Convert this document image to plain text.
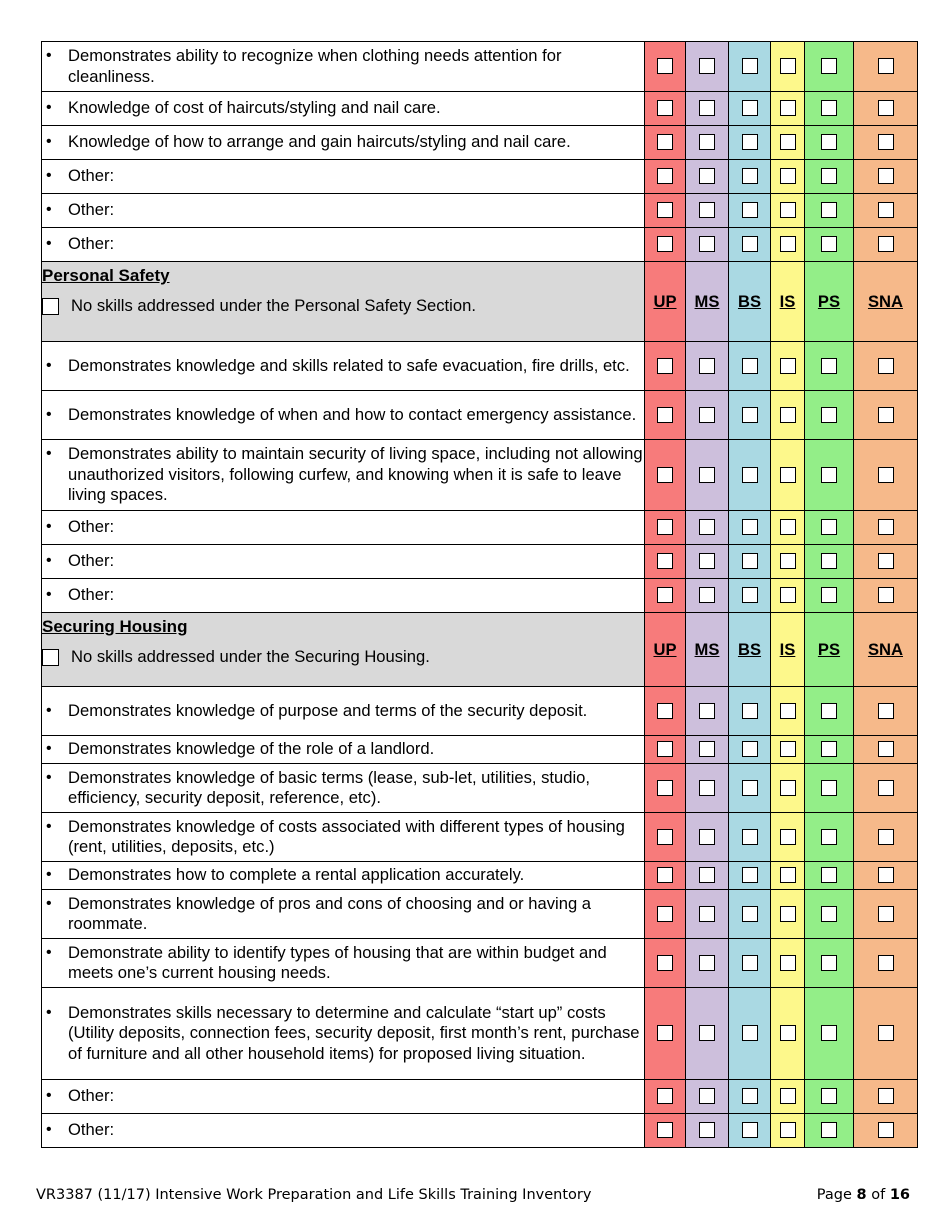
• Demonstrates ability to recognize when clothing needs attention for cleanliness.						

• Knowledge of cost of haircuts/styling and nail care.						

• Knowledge of how to arrange and gain haircuts/styling and nail care.						

• Other:						

• Other:						

• Other:						

Personal Safety
No skills addressed under the Personal Safety Section.	UP	MS	BS	IS	PS	SNA

• Demonstrates knowledge and skills related to safe evacuation, fire drills, etc.						

• Demonstrates knowledge of when and how to contact emergency assistance.						

• Demonstrates ability to maintain security of living space, including not allowing unauthorized visitors, following curfew, and knowing when it is safe to leave living spaces.						

• Other:						

• Other:						

• Other:						

Securing Housing
No skills addressed under the Securing Housing.	UP	MS	BS	IS	PS	SNA

• Demonstrates knowledge of purpose and terms of the security deposit.						

• Demonstrates knowledge of the role of a landlord.						

• Demonstrates knowledge of basic terms (lease, sub-let, utilities, studio, efficiency, security deposit, reference, etc).						

• Demonstrates knowledge of costs associated with different types of housing (rent, utilities, deposits, etc.)						

• Demonstrates how to complete a rental application accurately.						

• Demonstrates knowledge of pros and cons of choosing and or having a roommate.						

• Demonstrate ability to identify types of housing that are within budget and meets one’s current housing needs.						

• Demonstrates skills necessary to determine and calculate “start up” costs (Utility deposits, connection fees, security deposit, first month’s rent, purchase of furniture and all other household items) for proposed living situation.						

• Other:						

• Other:						

VR3387 (11/17) Intensive Work Preparation and Life Skills Training Inventory	Page 8 of 16
